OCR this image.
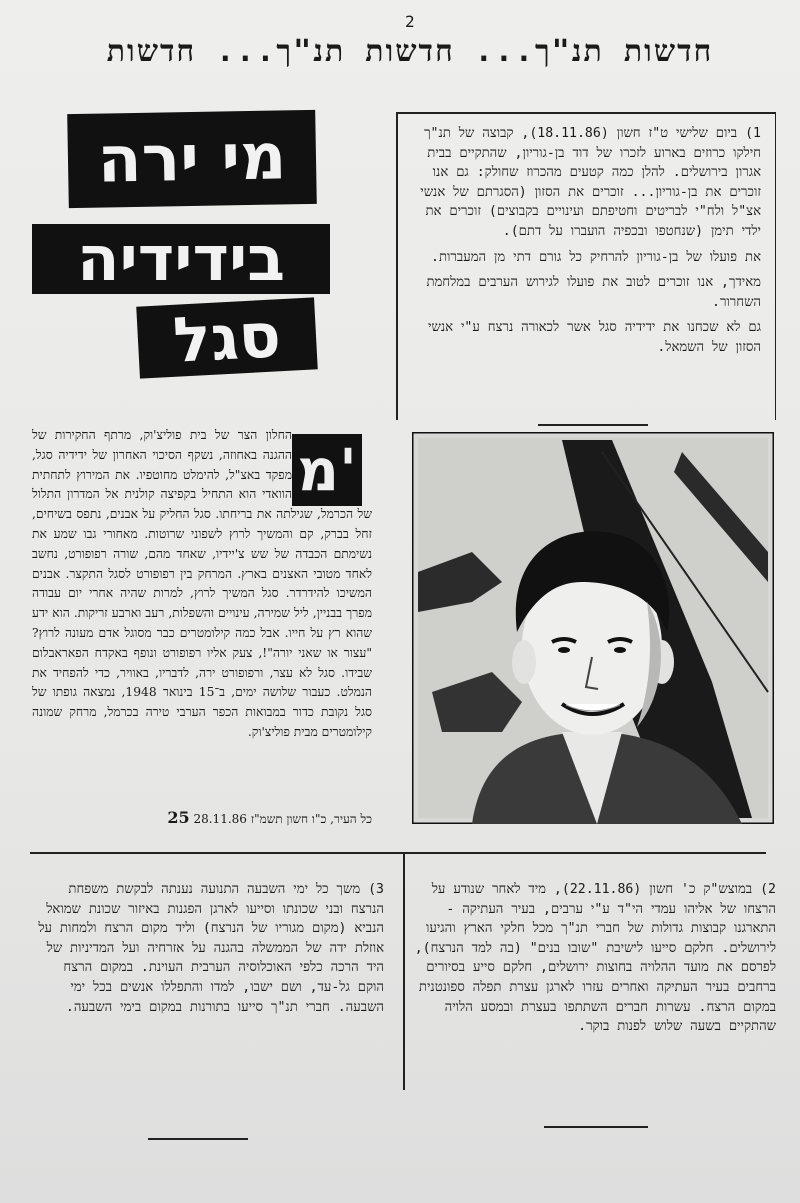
2
חדשות תנ"ך... חדשות תנ"ך... חדשות

1) ביום שלישי ט"ז חשון (18.11.86), קבוצה של תנ"ך חילקו כרוזים בארוע לזכרו של דוד בן-גוריון, שהתקיים בבית אגרון בירושלים. להלן כמה קטעים מהכרוז שחולק: גם אנו זוכרים את בן-גוריון... זוכרים את הסזון (הסגרתם של אנשי אצ"ל ולח"י לבריטים וחטיפתם ועינויים בקבוצים) זוכרים את ילדי תימן (שנחטפו ובכפיה הועברו על דתם).

את פועלו של בן-גוריון להרחיק כל גורם דתי מן המעברות.

מאידך, אנו זוכרים לטוב את פועלו לגירוש הערבים במלחמת השחרור.

גם לא שכחנו את ידידיה סגל אשר לכאורה נרצח ע"י אנשי הסזון של השמאל.

מי ירה
בידידיה
סגל
מ'
החלון הצר של בית פוליצ'וק, מרתף החקירות של ההגנה באחוזה, נשקף הסיכוי האחרון של ידידיה סגל, מפקד באצ"ל, להימלט מחוטפיו. את המירוץ לתחתית הוואדי הוא התחיל בקפיצה קולנית אל המדרון התלול של הכרמל, שגילתה את בריחתו. סגל החליק על אבנים, נתפס בשיחים, זחל בברק, קם והמשיך לרוץ לשפוני שרוטות. מאחורי גבו שמע את נשימתם הכבדה של שש צ'יידיו, שאחד מהם, שורה רפופורט, נחשב לאחד מטובי האצנים בארץ. המרחק בין רפופורט לסגל התקצר. אבנים המשיכו להידרדר. סגל המשיך לרוץ, למרות שהיה אחרי יום עבודה מפרך בבניין, ליל שמירה, עינויים והשפלות, רעב וארבע זריקות. הוא ידע שהוא רץ על חייו. אבל כמה קילומטרים כבר מסוגל אדם מעונה לרוץ? "עצור או שאני יורה"!, צעק אליו רפופורט ונופף באקדח הפאראבלום שבידו. סגל לא עצר, ורפופורט ירה, לדבריו, באוויר, כדי להפחיד את הנמלט. כעבור שלושה ימים, ב־15 בינואר 1948, נמצאה גופתו של סגל נקובת כדור במבואות הכפר הערבי טירה בכרמל, מרחק שמונה קילומטרים מבית פוליצ'וק.
כל העיר, כ"ו חשון תשמ"ז 28.11.86 25

2) במוצש"ק כ' חשון (22.11.86), מיד לאחר שנודע על הרצחו של אליהו עמדי הי"ד ע"י ערבים, בעיר העתיקה - התארגנו קבוצות גדולות של חברי תנ"ך מכל חלקי הארץ והגיעו לירושלים. חלקם סייעו לישיבת "שובו בנים" (בה למד הנרצח), לפרסם את מועד ההלויה בחוצות ירושלים, חלקם סייע בסיורים ברחבים בעיר העתיקה ואחרים עזרו לארגן עצרת תפלה ספונטנית במקום הרצח. עשרות חברים השתתפו בעצרת ובמסע הלויה שהתקיים בשעה שלוש לפנות בוקר.

3) משך כל ימי השבעה התנועה נענתה לבקשת משפחת הנרצח ובני שכונתו וסייעו לארגן הפגנות באיזור שכונת שמואל הנביא (מקום מגוריו של הנרצח) וליד מקום הרצח ולמחות על אוזלת ידה של הממשלה בהגנה על אזרחיה ועל המדיניות של היד הרכה כלפי האוכלוסיה הערבית העוינת. במקום הרצח הוקם גל-עד, ושם ישבו, למדו והתפללו אנשים בכל ימי השבעה. חברי תנ"ך סייעו בתורנות במקום בימי השבעה.
